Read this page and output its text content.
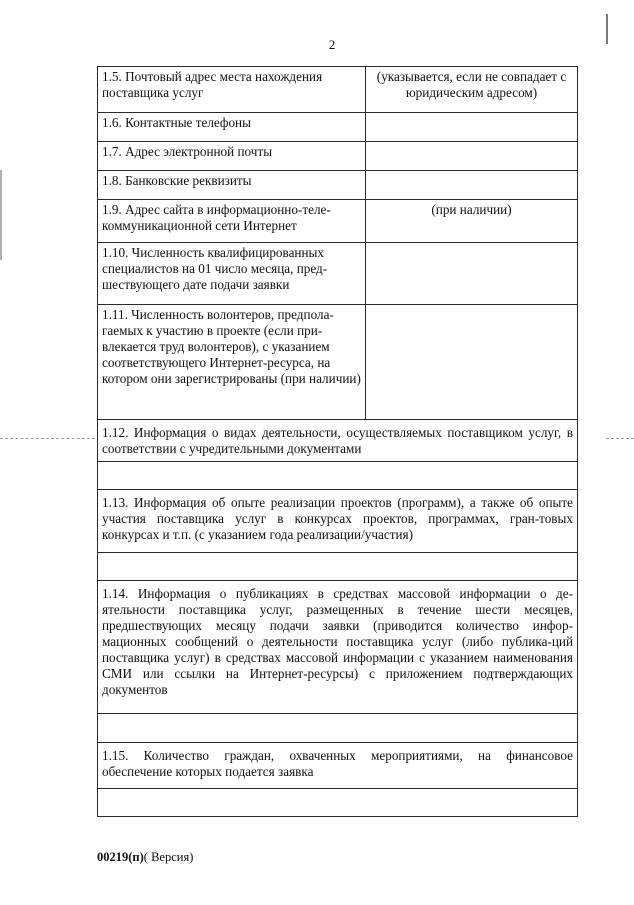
2
1.5. Почтовый адрес места нахождения поставщика услуг	(указывается, если не совпадает с юридическим адресом)
1.6. Контактные телефоны	
1.7. Адрес электронной почты	
1.8. Банковские реквизиты	
1.9. Адрес сайта в информационно-теле-коммуникационной сети Интернет	(при наличии)
1.10. Численность квалифицированных специалистов на 01 число месяца, пред-шествующего дате подачи заявки	
1.11. Численность волонтеров, предпола-гаемых к участию в проекте (если при-влекается труд волонтеров), с указанием соответствующего Интернет-ресурса, на котором они зарегистрированы (при наличии)	
1.12. Информация о видах деятельности, осуществляемых поставщиком услуг, в соответствии с учредительными документами	

1.13. Информация об опыте реализации проектов (программ), а также об опыте участия поставщика услуг в конкурсах проектов, программах, гран-товых конкурсах и т.п. (с указанием года реализации/участия)	

1.14. Информация о публикациях в средствах массовой информации о де-ятельности поставщика услуг, размещенных в течение шести месяцев, предшествующих месяцу подачи заявки (приводится количество инфор-мационных сообщений о деятельности поставщика услуг (либо публика-ций поставщика услуг) в средствах массовой информации с указанием наименования СМИ или ссылки на Интернет-ресурсы) с приложением подтверждающих документов	

1.15. Количество граждан, охваченных мероприятиями, на финансовое обеспечение которых подается заявка	

00219(п)( Версия)
